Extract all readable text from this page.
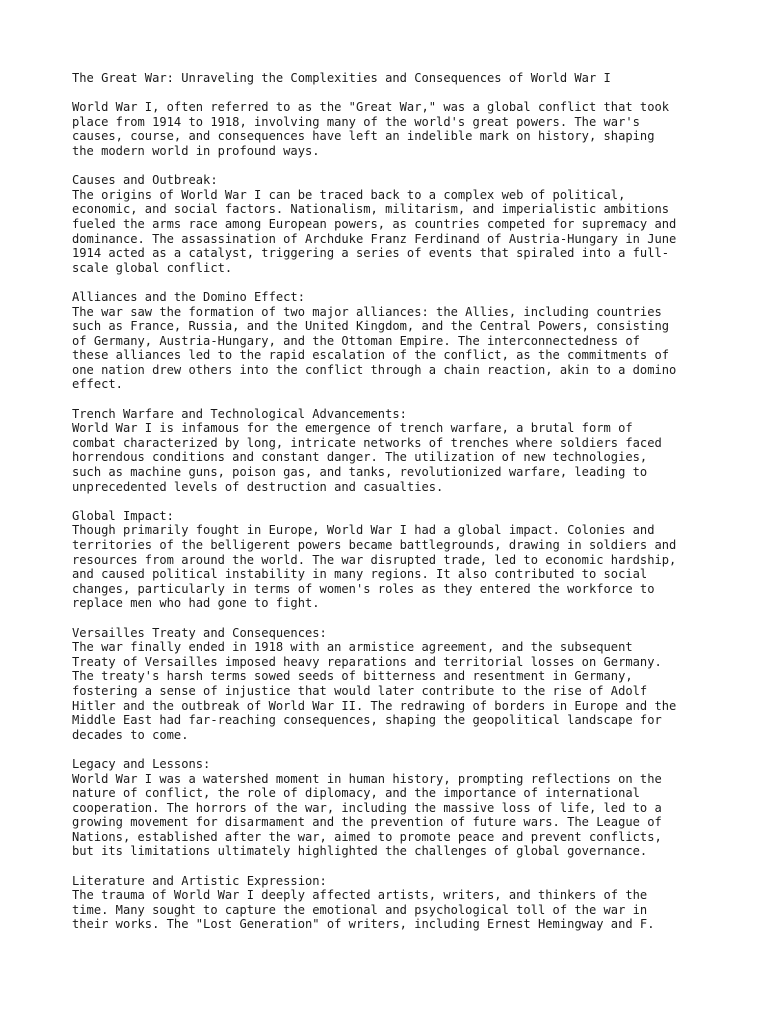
The Great War: Unraveling the Complexities and Consequences of World War I
World War I, often referred to as the "Great War," was a global conflict that took
place from 1914 to 1918, involving many of the world's great powers. The war's
causes, course, and consequences have left an indelible mark on history, shaping
the modern world in profound ways.
Causes and Outbreak:
The origins of World War I can be traced back to a complex web of political,
economic, and social factors. Nationalism, militarism, and imperialistic ambitions
fueled the arms race among European powers, as countries competed for supremacy and
dominance. The assassination of Archduke Franz Ferdinand of Austria-Hungary in June
1914 acted as a catalyst, triggering a series of events that spiraled into a full-
scale global conflict.
Alliances and the Domino Effect:
The war saw the formation of two major alliances: the Allies, including countries
such as France, Russia, and the United Kingdom, and the Central Powers, consisting
of Germany, Austria-Hungary, and the Ottoman Empire. The interconnectedness of
these alliances led to the rapid escalation of the conflict, as the commitments of
one nation drew others into the conflict through a chain reaction, akin to a domino
effect.
Trench Warfare and Technological Advancements:
World War I is infamous for the emergence of trench warfare, a brutal form of
combat characterized by long, intricate networks of trenches where soldiers faced
horrendous conditions and constant danger. The utilization of new technologies,
such as machine guns, poison gas, and tanks, revolutionized warfare, leading to
unprecedented levels of destruction and casualties.
Global Impact:
Though primarily fought in Europe, World War I had a global impact. Colonies and
territories of the belligerent powers became battlegrounds, drawing in soldiers and
resources from around the world. The war disrupted trade, led to economic hardship,
and caused political instability in many regions. It also contributed to social
changes, particularly in terms of women's roles as they entered the workforce to
replace men who had gone to fight.
Versailles Treaty and Consequences:
The war finally ended in 1918 with an armistice agreement, and the subsequent
Treaty of Versailles imposed heavy reparations and territorial losses on Germany.
The treaty's harsh terms sowed seeds of bitterness and resentment in Germany,
fostering a sense of injustice that would later contribute to the rise of Adolf
Hitler and the outbreak of World War II. The redrawing of borders in Europe and the
Middle East had far-reaching consequences, shaping the geopolitical landscape for
decades to come.
Legacy and Lessons:
World War I was a watershed moment in human history, prompting reflections on the
nature of conflict, the role of diplomacy, and the importance of international
cooperation. The horrors of the war, including the massive loss of life, led to a
growing movement for disarmament and the prevention of future wars. The League of
Nations, established after the war, aimed to promote peace and prevent conflicts,
but its limitations ultimately highlighted the challenges of global governance.
Literature and Artistic Expression:
The trauma of World War I deeply affected artists, writers, and thinkers of the
time. Many sought to capture the emotional and psychological toll of the war in
their works. The "Lost Generation" of writers, including Ernest Hemingway and F.
